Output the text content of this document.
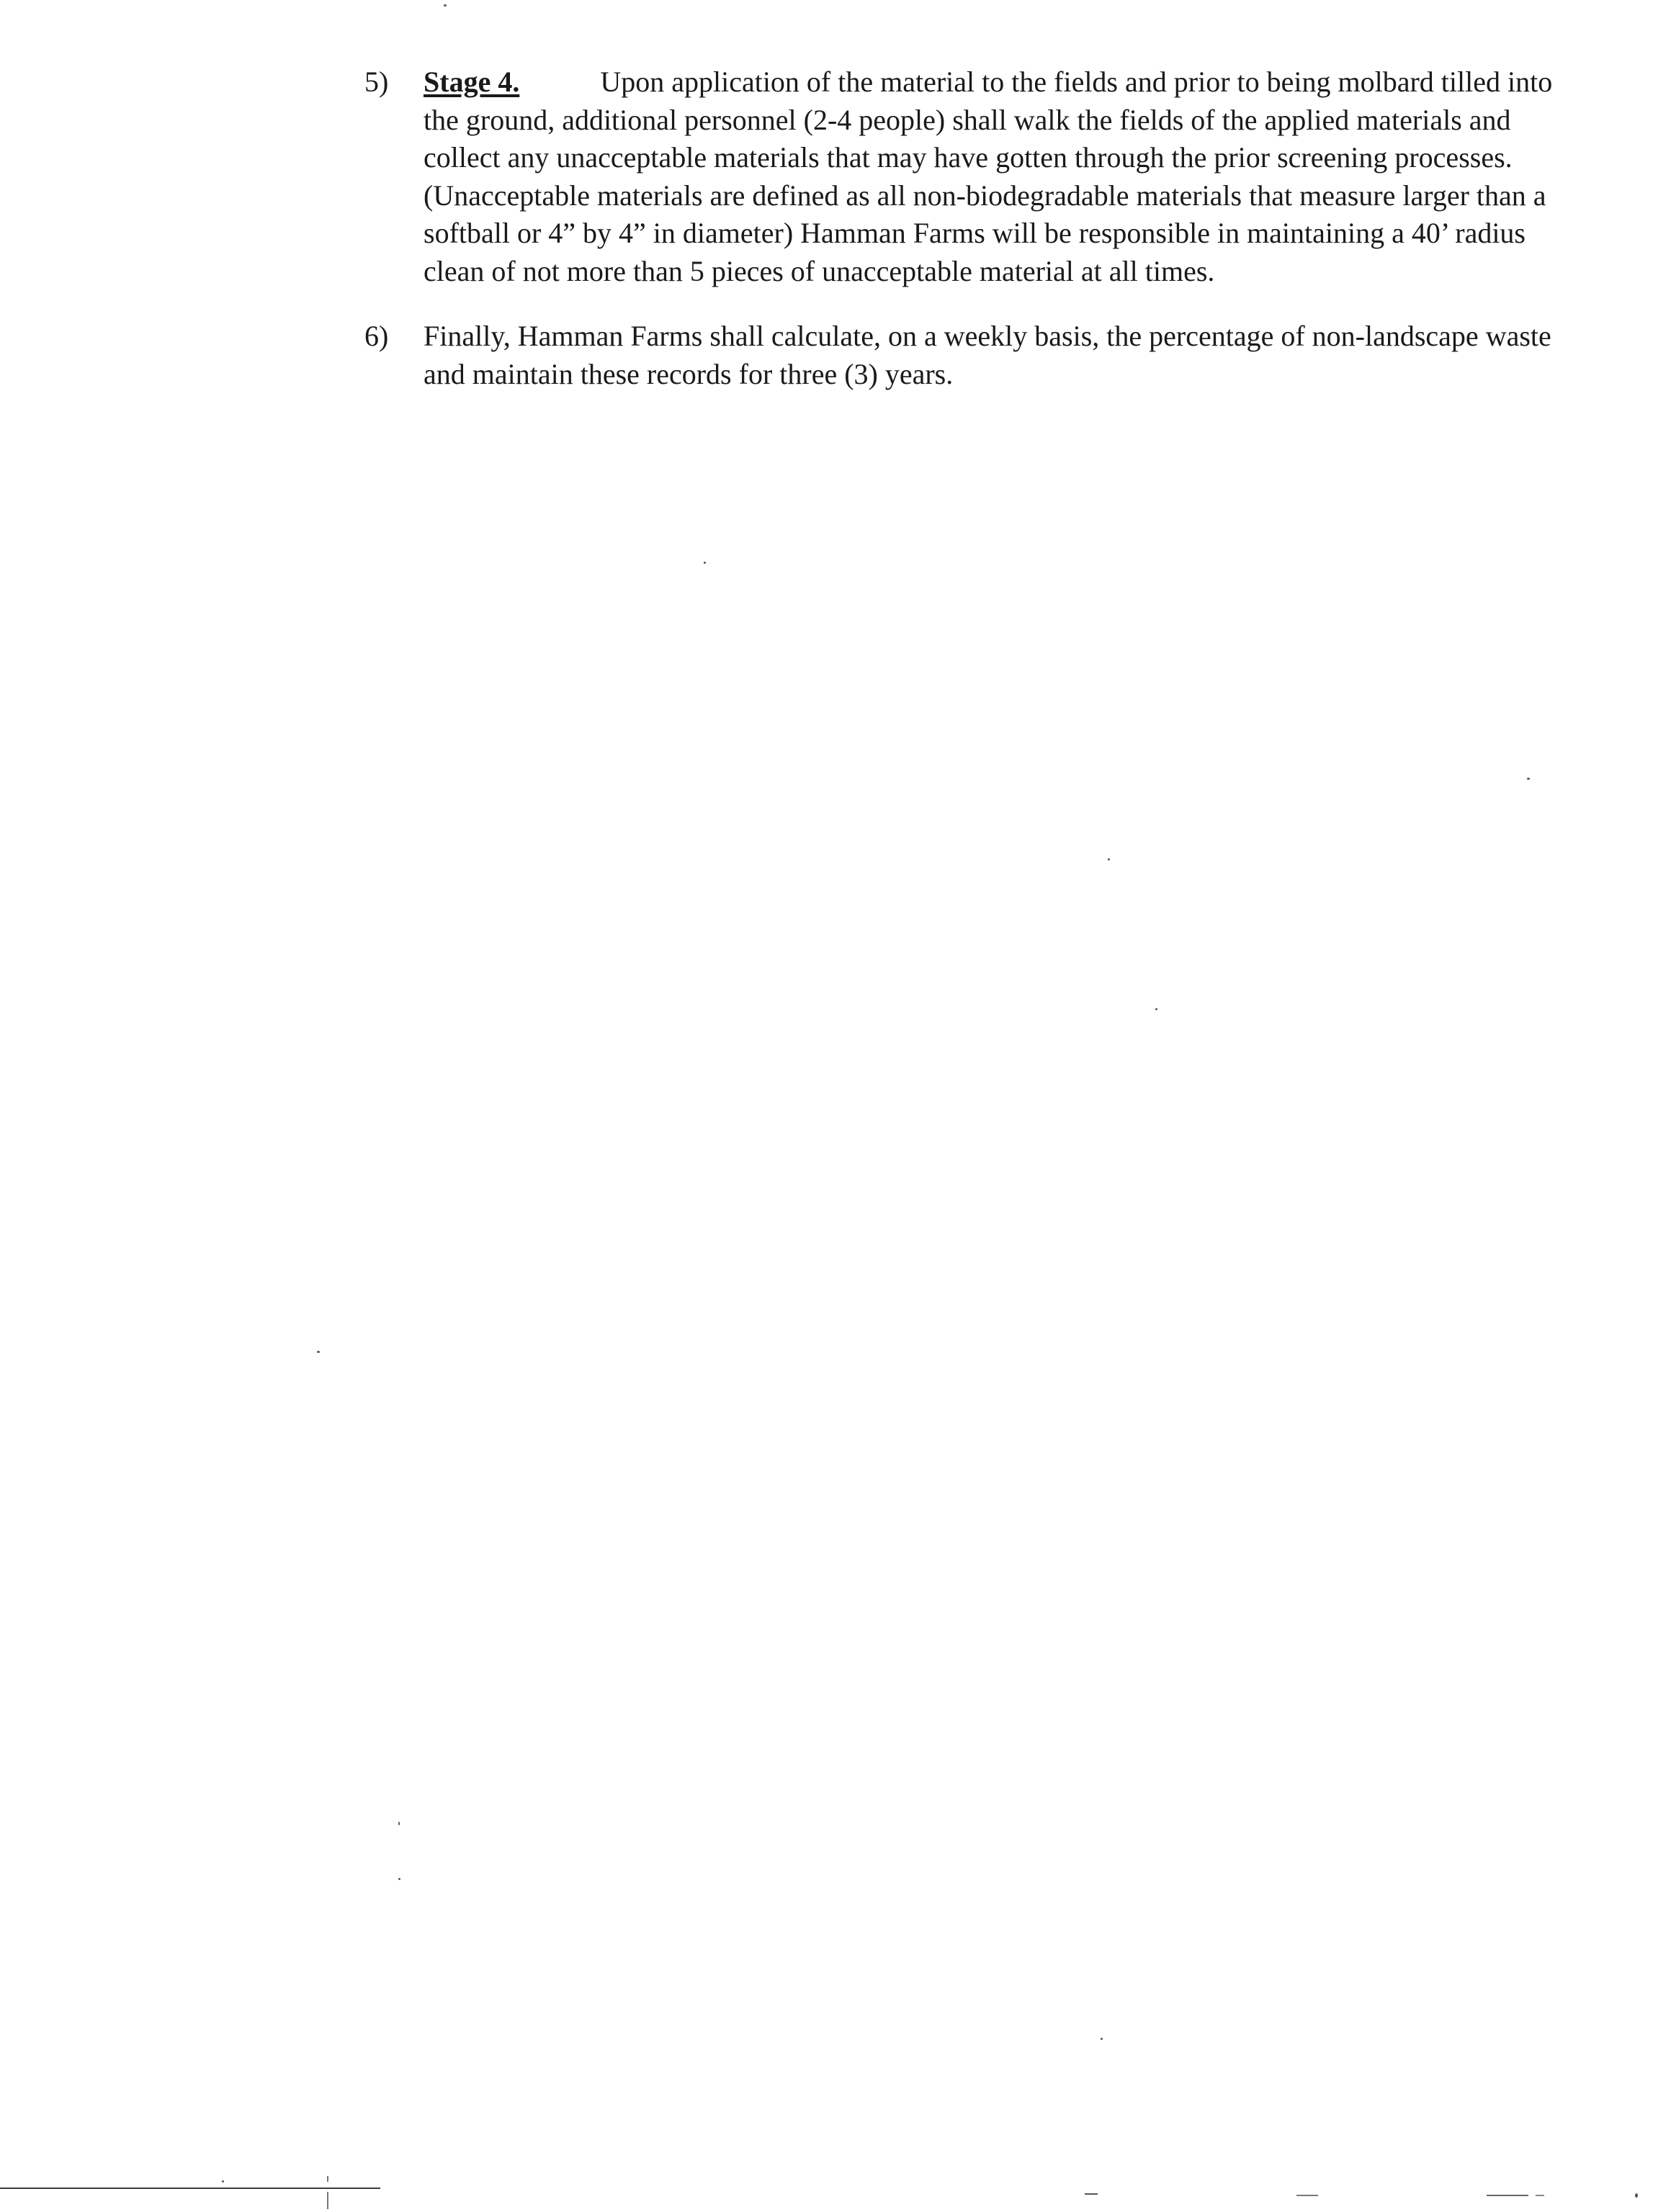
5) Stage 4.	Upon application of the material to the fields and prior to being molbard tilled into the ground, additional personnel (2-4 people) shall walk the fields of the applied materials and collect any unacceptable materials that may have gotten through the prior screening processes. (Unacceptable materials are defined as all non-biodegradable materials that measure larger than a softball or 4” by 4” in diameter) Hamman Farms will be responsible in maintaining a 40’ radius clean of not more than 5 pieces of unacceptable material at all times.
6) Finally, Hamman Farms shall calculate, on a weekly basis, the percentage of non-landscape waste and maintain these records for three (3) years.
